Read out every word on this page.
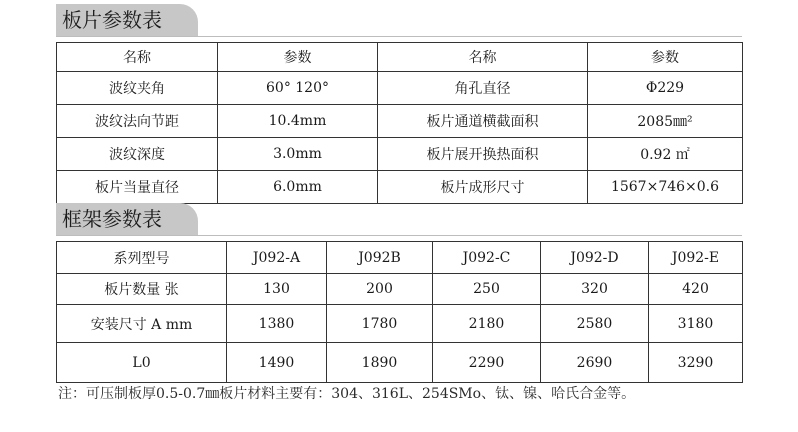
板片参数表
名称	参数	名称	参数
波纹夹角	60° 120°	角孔直径	Φ229
波纹法向节距	10.4mm	板片通道横截面积	2085㎜²
波纹深度	3.0mm	板片展开换热面积	0.92 ㎡
板片当量直径	6.0mm	板片成形尺寸	1567×746×0.6
框架参数表
系列型号	J092-A	J092B	J092-C	J092-D	J092-E
板片数量 张	130	200	250	320	420
安装尺寸 A mm	1380	1780	2180	2580	3180
L0	1490	1890	2290	2690	3290
注：可压制板厚0.5-0.7㎜板片材料主要有：304、316L、254SMo、钛、镍、哈氏合金等。
